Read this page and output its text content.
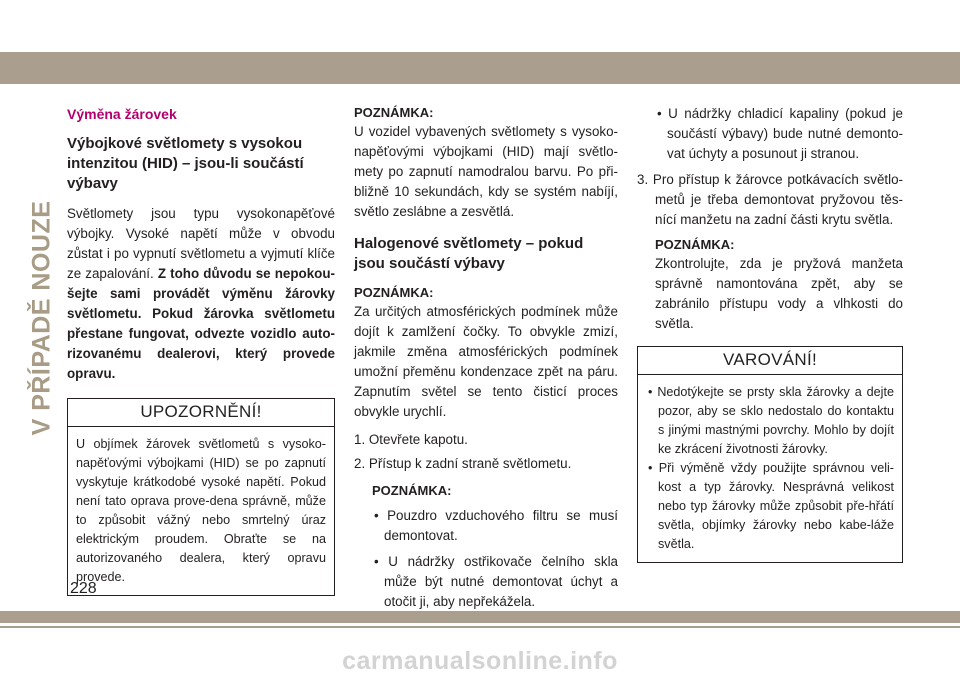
V PŘÍPADĚ NOUZE
Výměna žárovek
Výbojkové světlomety s vysokou intenzitou (HID) – jsou-li součástí výbavy

Světlomety jsou typu vysokonapěťové výbojky. Vysoké napětí může v obvodu zůstat i po vypnutí světlometu a vyjmutí klíče ze zapalování. Z toho důvodu se nepokou-šejte sami provádět výměnu žárovky světlometu. Pokud žárovka světlometu přestane fungovat, odvezte vozidlo auto-rizovanému dealerovi, který provede opravu.

UPOZORNĚNÍ!
U objímek žárovek světlometů s vysoko-napěťovými výbojkami (HID) se po zapnutí vyskytuje krátkodobé vysoké napětí. Pokud není tato oprava prove-dena správně, může to způsobit vážný nebo smrtelný úraz elektrickým proudem. Obraťte se na autorizovaného dealera, který opravu provede.
POZNÁMKA:

U vozidel vybavených světlomety s vysoko-napěťovými výbojkami (HID) mají světlo-mety po zapnutí namodralou barvu. Po při-bližně 10 sekundách, kdy se systém nabíjí, světlo zeslábne a zesvětlá.

Halogenové světlomety – pokud jsou součástí výbavy
POZNÁMKA:

Za určitých atmosférických podmínek může dojít k zamlžení čočky. To obvykle zmizí, jakmile změna atmosférických podmínek umožní přeměnu kondenzace zpět na páru. Zapnutím světel se tento čisticí proces obvykle urychlí.

1. Otevřete kapotu.
2. Přístup k zadní straně světlometu.
POZNÁMKA:
• Pouzdro vzduchového filtru se musí demontovat.
• U nádržky ostřikovače čelního skla může být nutné demontovat úchyt a otočit ji, aby nepřekážela.
• U nádržky chladicí kapaliny (pokud je součástí výbavy) bude nutné demonto-vat úchyty a posunout ji stranou.
3. Pro přístup k žárovce potkávacích světlo-metů je třeba demontovat pryžovou těs-nící manžetu na zadní části krytu světla.
POZNÁMKA:

Zkontrolujte, zda je pryžová manžeta správně namontována zpět, aby se zabránilo přístupu vody a vlhkosti do světla.

VAROVÁNÍ!
• Nedotýkejte se prsty skla žárovky a dejte pozor, aby se sklo nedostalo do kontaktu s jinými mastnými povrchy. Mohlo by dojít ke zkrácení životnosti žárovky.
• Při výměně vždy použijte správnou veli-kost a typ žárovky. Nesprávná velikost nebo typ žárovky může způsobit pře-hřátí světla, objímky žárovky nebo kabe-láže světla.
228
carmanualsonline.info
